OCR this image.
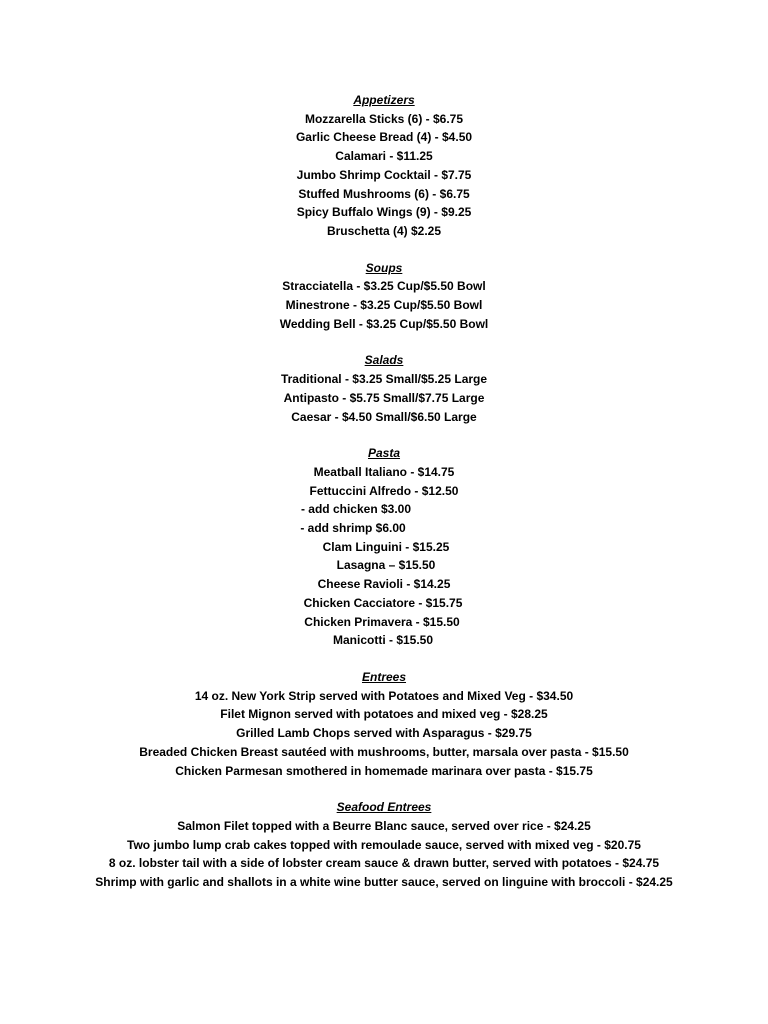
Appetizers
Mozzarella Sticks (6) - $6.75
Garlic Cheese Bread (4) - $4.50
Calamari - $11.25
Jumbo Shrimp Cocktail - $7.75
Stuffed Mushrooms (6) - $6.75
Spicy Buffalo Wings (9) - $9.25
Bruschetta (4) $2.25
Soups
Stracciatella - $3.25 Cup/$5.50 Bowl
Minestrone - $3.25 Cup/$5.50 Bowl
Wedding Bell - $3.25 Cup/$5.50 Bowl
Salads
Traditional - $3.25 Small/$5.25 Large
Antipasto - $5.75 Small/$7.75 Large
Caesar - $4.50 Small/$6.50 Large
Pasta
Meatball Italiano - $14.75
Fettuccini Alfredo - $12.50
- add chicken $3.00
- add shrimp $6.00
Clam Linguini - $15.25
Lasagna – $15.50
Cheese Ravioli - $14.25
Chicken Cacciatore - $15.75
Chicken Primavera - $15.50
Manicotti - $15.50
Entrees
14 oz. New York Strip served with Potatoes and Mixed Veg - $34.50
Filet Mignon served with potatoes and mixed veg - $28.25
Grilled Lamb Chops served with Asparagus - $29.75
Breaded Chicken Breast sautéed with mushrooms, butter, marsala over pasta - $15.50
Chicken Parmesan smothered in homemade marinara over pasta - $15.75
Seafood Entrees
Salmon Filet topped with a Beurre Blanc sauce, served over rice - $24.25
Two jumbo lump crab cakes topped with remoulade sauce, served with mixed veg - $20.75
8 oz. lobster tail with a side of lobster cream sauce & drawn butter, served with potatoes - $24.75
Shrimp with garlic and shallots in a white wine butter sauce, served on linguine with broccoli - $24.25
